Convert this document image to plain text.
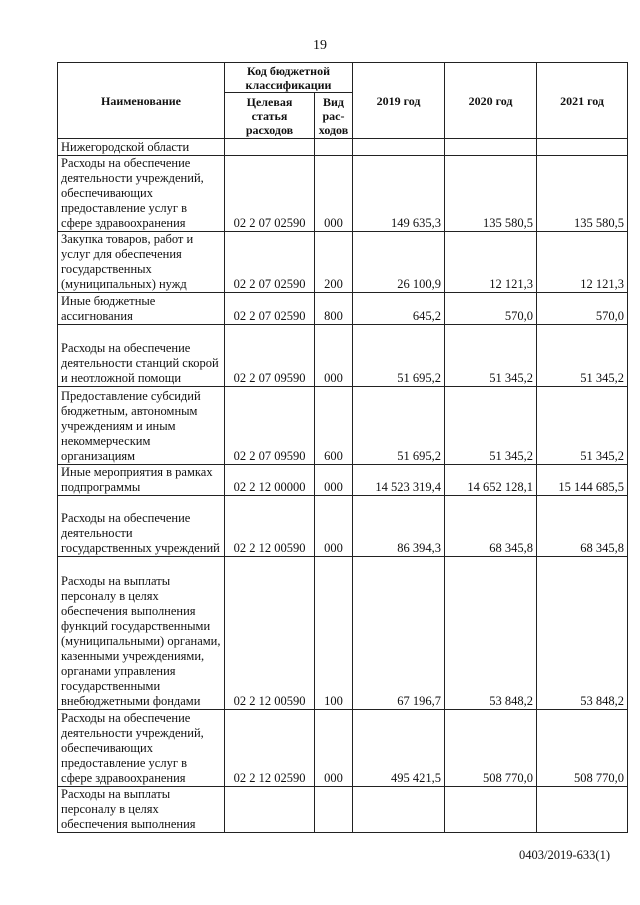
19
Наименование	Код бюджетной классификации		2019 год	2020 год	2021 год
	Целевая статья расходов	Вид рас-ходов			
Нижегородской области					
Расходы на обеспечение деятельности учреждений, обеспечивающих предоставление услуг в сфере здравоохранения	02 2 07 02590	000	149 635,3	135 580,5	135 580,5
Закупка товаров, работ и услуг для обеспечения государственных (муниципальных) нужд	02 2 07 02590	200	26 100,9	12 121,3	12 121,3
Иные бюджетные ассигнования	02 2 07 02590	800	645,2	570,0	570,0
Расходы на обеспечение деятельности станций скорой и неотложной помощи	02 2 07 09590	000	51 695,2	51 345,2	51 345,2
Предоставление субсидий бюджетным, автономным учреждениям и иным некоммерческим организациям	02 2 07 09590	600	51 695,2	51 345,2	51 345,2
Иные мероприятия в рамках подпрограммы	02 2 12 00000	000	14 523 319,4	14 652 128,1	15 144 685,5
Расходы на обеспечение деятельности государственных учреждений	02 2 12 00590	000	86 394,3	68 345,8	68 345,8
Расходы на выплаты персоналу в целях обеспечения выполнения функций государственными (муниципальными) органами, казенными учреждениями, органами управления государственными внебюджетными фондами	02 2 12 00590	100	67 196,7	53 848,2	53 848,2
Расходы на обеспечение деятельности учреждений, обеспечивающих предоставление услуг в сфере здравоохранения	02 2 12 02590	000	495 421,5	508 770,0	508 770,0
Расходы на выплаты персоналу в целях обеспечения выполнения					
0403/2019-633(1)
